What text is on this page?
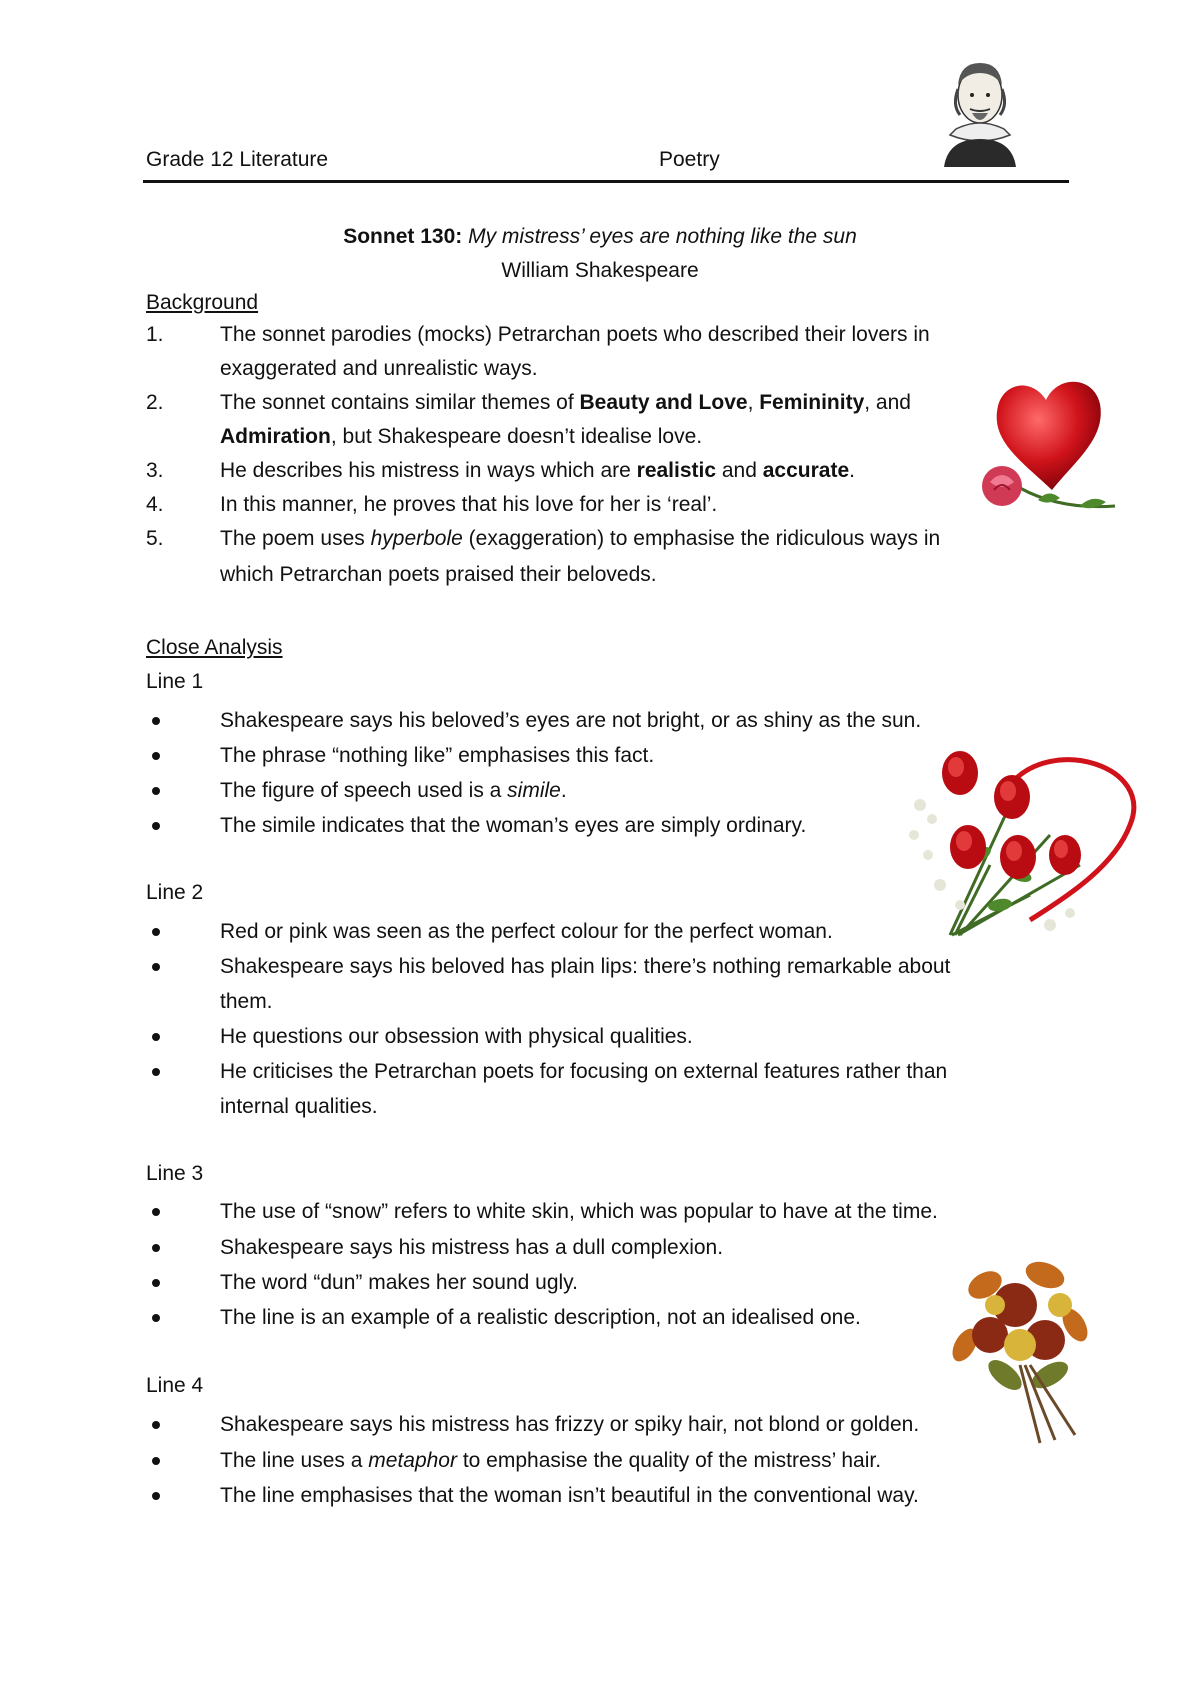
Grade 12 Literature	Poetry
Sonnet 130: My mistress’ eyes are nothing like the sun
William Shakespeare
Background
1.	The sonnet parodies (mocks) Petrarchan poets who described their lovers in
exaggerated and unrealistic ways.
2.	The sonnet contains similar themes of Beauty and Love, Femininity, and
Admiration, but Shakespeare doesn’t idealise love.
3.	He describes his mistress in ways which are realistic and accurate.
4.	In this manner, he proves that his love for her is ‘real’.
5.	The poem uses hyperbole (exaggeration) to emphasise the ridiculous ways in
which Petrarchan poets praised their beloveds.
Close Analysis
Line 1
Shakespeare says his beloved’s eyes are not bright, or as shiny as the sun.
The phrase “nothing like” emphasises this fact.
The figure of speech used is a simile.
The simile indicates that the woman’s eyes are simply ordinary.
Line 2
Red or pink was seen as the perfect colour for the perfect woman.
Shakespeare says his beloved has plain lips: there’s nothing remarkable about
them.
He questions our obsession with physical qualities.
He criticises the Petrarchan poets for focusing on external features rather than
internal qualities.
Line 3
The use of “snow” refers to white skin, which was popular to have at the time.
Shakespeare says his mistress has a dull complexion.
The word “dun” makes her sound ugly.
The line is an example of a realistic description, not an idealised one.
Line 4
Shakespeare says his mistress has frizzy or spiky hair, not blond or golden.
The line uses a metaphor to emphasise the quality of the mistress’ hair.
The line emphasises that the woman isn’t beautiful in the conventional way.
